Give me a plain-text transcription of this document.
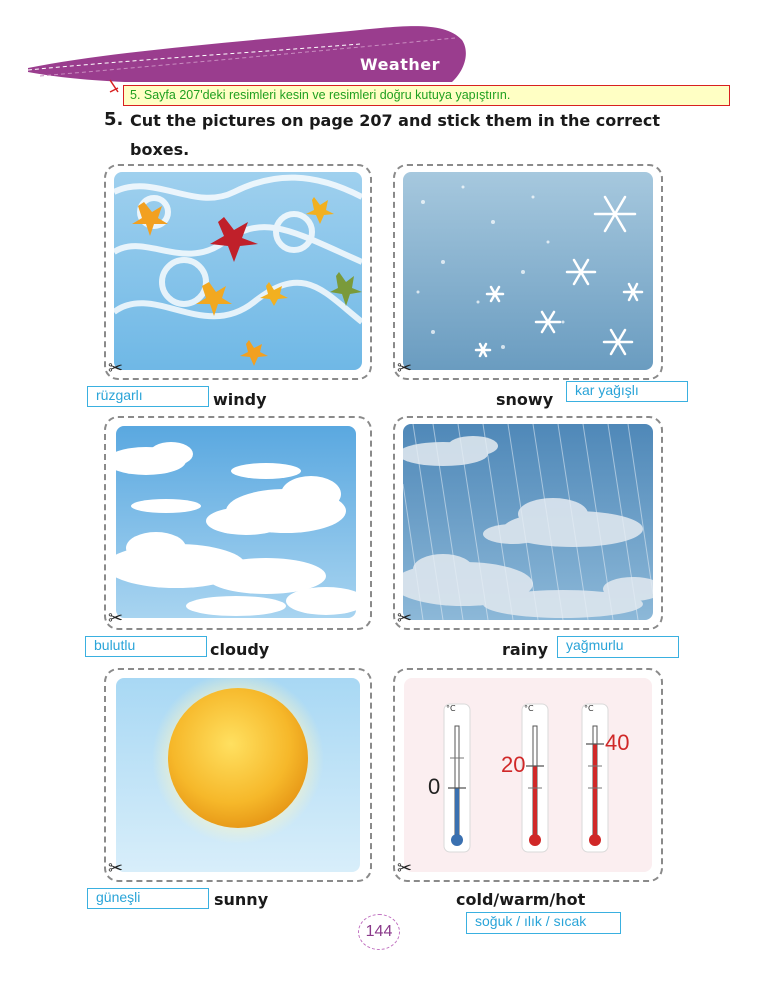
Weather
5. Sayfa 207'deki resimleri kesin ve resimleri doğru kutuya yapıştırın.
5. Cut the pictures on page 207 and stick them in the correct
boxes.
✂	✂
rüzgarlı	windy	snowy	kar yağışlı
✂	✂
bulutlu	cloudy	rainy	yağmurlu
✂
°C	°C	°C
0
20
40
✂
güneşli	sunny	cold/warm/hot
soğuk / ılık / sıcak
144
